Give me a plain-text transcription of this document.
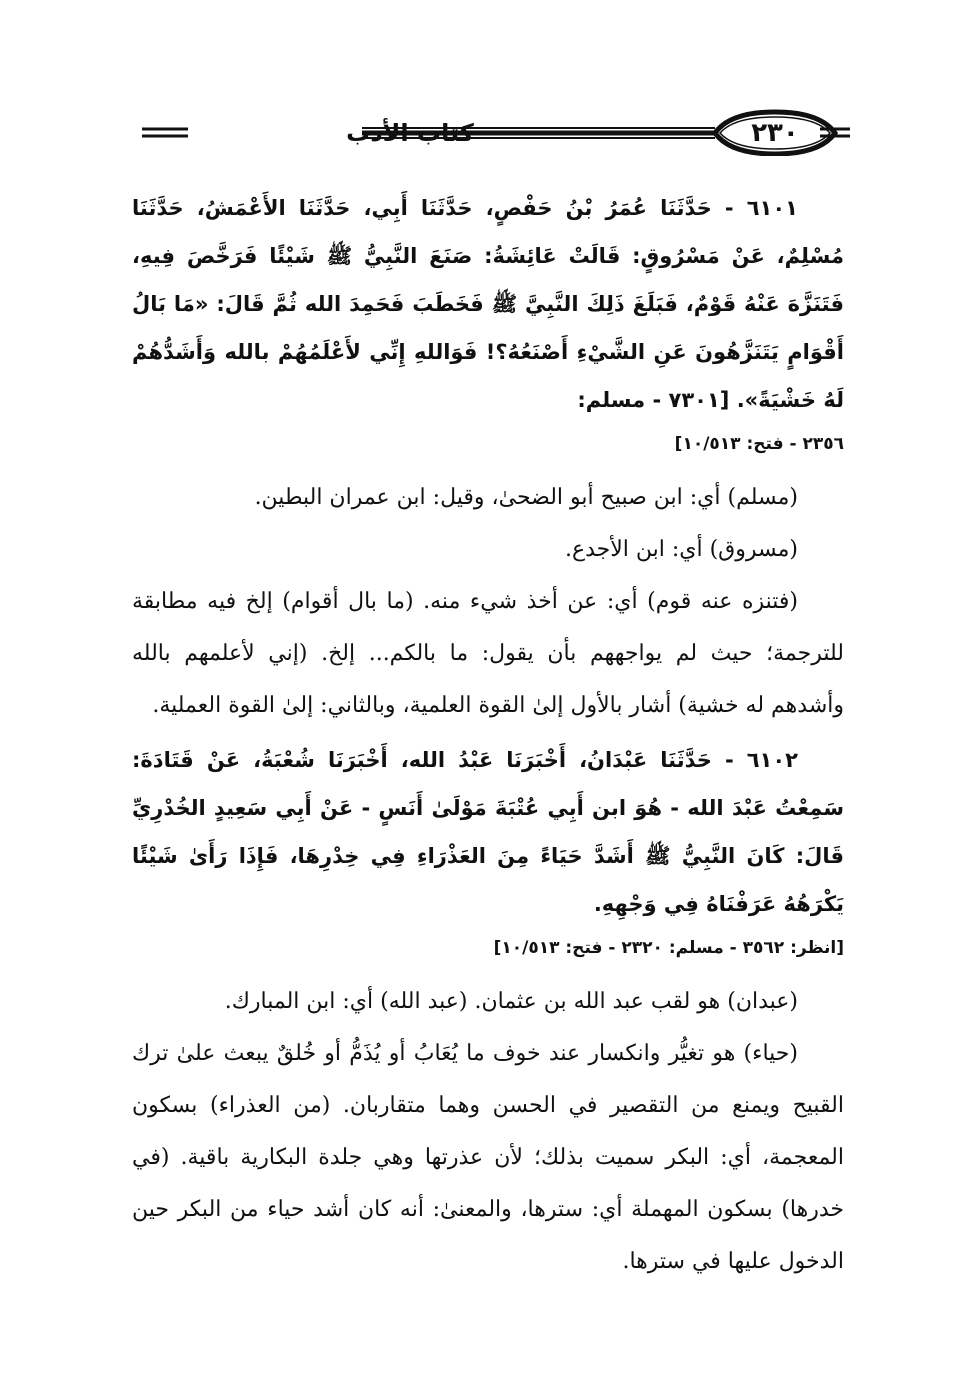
٢٣٠
كتاب الأدب

٦١٠١ - حَدَّثَنَا عُمَرُ بْنُ حَفْصٍ، حَدَّثَنَا أَبِي، حَدَّثَنَا الأَعْمَشُ، حَدَّثَنَا مُسْلِمٌ، عَنْ مَسْرُوقٍ: قَالَتْ عَائِشَةُ: صَنَعَ النَّبِيُّ ﷺ شَيْئًا فَرَخَّصَ فِيهِ، فَتَنَزَّهَ عَنْهُ قَوْمٌ، فَبَلَغَ ذَلِكَ النَّبِيَّ ﷺ فَخَطَبَ فَحَمِدَ الله ثُمَّ قَالَ: «مَا بَالُ أَقْوَامٍ يَتَنَزَّهُونَ عَنِ الشَّيْءِ أَصْنَعُهُ؟! فَوَاللهِ إِنِّي لأَعْلَمُهُمْ بالله وَأَشَدُّهُمْ لَهُ خَشْيَةً». [٧٣٠١ - مسلم:

٢٣٥٦ - فتح: ١٠/٥١٣]

(مسلم) أي: ابن صبيح أبو الضحىٰ، وقيل: ابن عمران البطين.

(مسروق) أي: ابن الأجدع.

(فتنزه عنه قوم) أي: عن أخذ شيء منه. (ما بال أقوام) إلخ فيه مطابقة للترجمة؛ حيث لم يواجههم بأن يقول: ما بالكم... إلخ. (إني لأعلمهم بالله وأشدهم له خشية) أشار بالأول إلىٰ القوة العلمية، وبالثاني: إلىٰ القوة العملية.

٦١٠٢ - حَدَّثَنَا عَبْدَانُ، أَخْبَرَنَا عَبْدُ الله، أَخْبَرَنَا شُعْبَةُ، عَنْ قَتَادَةَ: سَمِعْتُ عَبْدَ الله - هُوَ ابن أَبِي عُتْبَةَ مَوْلَىٰ أَنَسٍ - عَنْ أَبِي سَعِيدٍ الخُدْرِيِّ قَالَ: كَانَ النَّبِيُّ ﷺ أَشَدَّ حَيَاءً مِنَ العَذْرَاءِ فِي خِدْرِهَا، فَإِذَا رَأَىٰ شَيْئًا يَكْرَهُهُ عَرَفْنَاهُ فِي وَجْهِهِ.

[انظر: ٣٥٦٢ - مسلم: ٢٣٢٠ - فتح: ١٠/٥١٣]

(عبدان) هو لقب عبد الله بن عثمان. (عبد الله) أي: ابن المبارك.

(حياء) هو تغيُّر وانكسار عند خوف ما يُعَابُ أو يُذَمُّ أو خُلقٌ يبعث علىٰ ترك القبيح ويمنع من التقصير في الحسن وهما متقاربان. (من العذراء) بسكون المعجمة، أي: البكر سميت بذلك؛ لأن عذرتها وهي جلدة البكارية باقية. (في خدرها) بسكون المهملة أي: سترها، والمعنىٰ: أنه كان أشد حياء من البكر حين الدخول عليها في سترها.
